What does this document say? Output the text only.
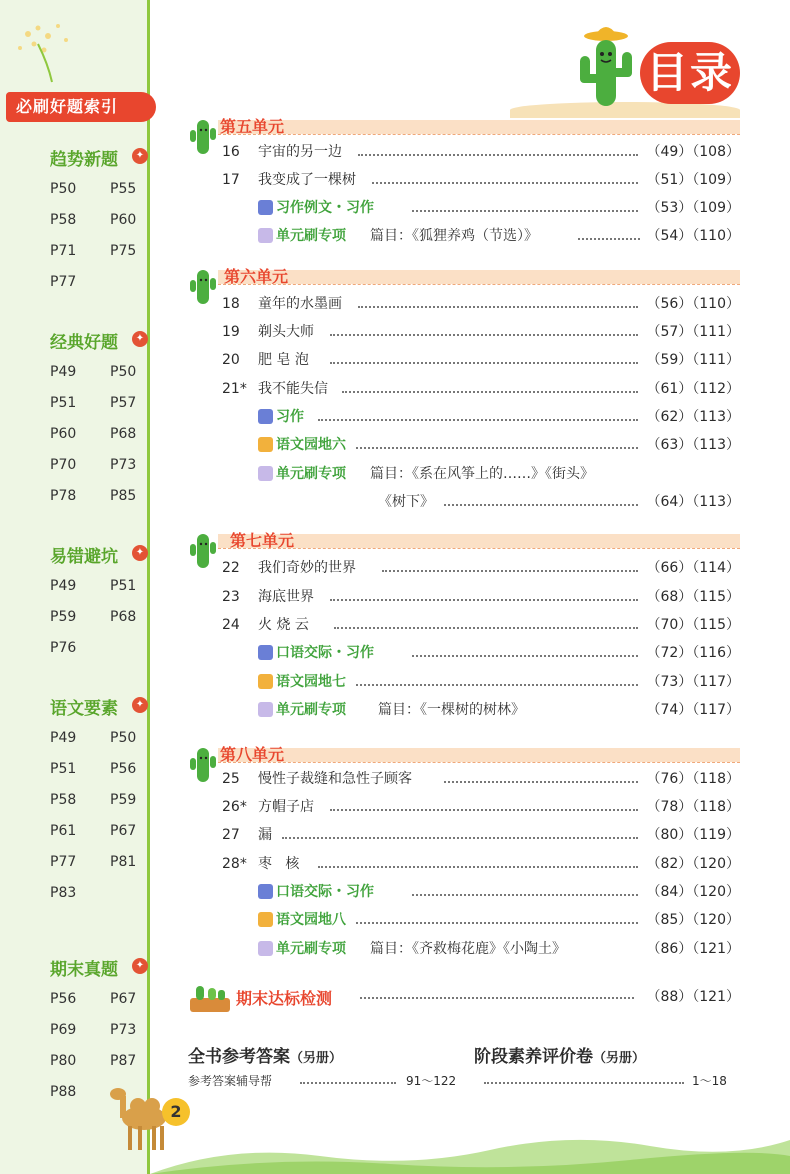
必刷好题索引
趋势新题	✦
P50 P55
P58 P60
P71 P75
P77
经典好题	✦
P49 P50
P51 P57
P60 P68
P70 P73
P78 P85
易错避坑	✦
P49 P51
P59 P68
P76
语文要素	✦
P49 P50
P51 P56
P58 P59
P61 P67
P77 P81
P83
期末真题	✦
P56 P67
P69 P73
P80 P87
P88
目录
第五单元
16	宇宙的另一边	（49）（108）
17	我变成了一棵树	（51）（109）
习作例文・习作	（53）（109）
单元刷专项 篇目：《狐狸养鸡（节选）》	（54）（110）
第六单元
18	童年的水墨画	（56）（110）
19	剃头大师	（57）（111）
20	肥 皂 泡	（59）（111）
21* 我不能失信	（61）（112）
习作	（62）（113）
语文园地六	（63）（113）
单元刷专项 篇目：《系在风筝上的……》《街头》
《树下》	（64）（113）
第七单元
22	我们奇妙的世界	（66）（114）
23	海底世界	（68）（115）
24	火 烧 云	（70）（115）
口语交际・习作	（72）（116）
语文园地七	（73）（117）
单元刷专项 篇目：《一棵树的树林》	（74）（117）
第八单元
25	慢性子裁缝和急性子顾客	（76）（118）
26* 方帽子店	（78）（118）
27	漏	（80）（119）
28* 枣   核	（82）（120）
口语交际・习作	（84）（120）
语文园地八	（85）（120）
单元刷专项 篇目：《齐救梅花鹿》《小陶土》	（86）（121）
期末达标检测	（88）（121）
全书参考答案（另册）
参考答案辅导帮	91～122
阶段素养评价卷（另册）
1～18
2
